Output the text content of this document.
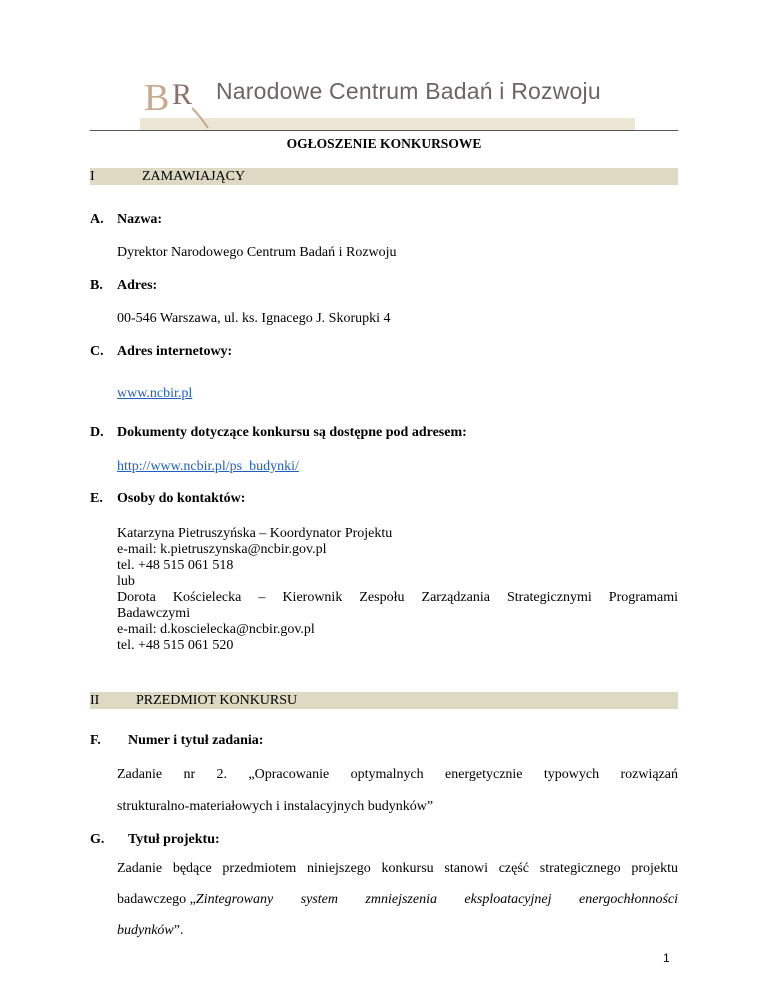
B R Narodowe Centrum Badań i Rozwoju
OGŁOSZENIE KONKURSOWE
I	ZAMAWIAJĄCY
A. Nazwa:
Dyrektor Narodowego Centrum Badań i Rozwoju
B. Adres:
00-546 Warszawa, ul. ks. Ignacego J. Skorupki 4
C. Adres internetowy:
www.ncbir.pl
D. Dokumenty dotyczące konkursu są dostępne pod adresem:
http://www.ncbir.pl/ps_budynki/
E. Osoby do kontaktów:
Katarzyna Pietruszyńska – Koordynator Projektu
e-mail: k.pietruszynska@ncbir.gov.pl
tel. +48 515 061 518
lub
Dorota Kościelecka – Kierownik Zespołu Zarządzania Strategicznymi Programami
Badawczymi
e-mail: d.koscielecka@ncbir.gov.pl
tel. +48 515 061 520
II	PRZEDMIOT KONKURSU
F. Numer i tytuł zadania:
Zadanie nr 2. „Opracowanie optymalnych energetycznie typowych rozwiązań
strukturalno-materiałowych i instalacyjnych budynków”
G. Tytuł projektu:
Zadanie będące przedmiotem niniejszego konkursu stanowi część strategicznego projektu
badawczego „ Zintegrowany system zmniejszenia eksploatacyjnej energochłonności
budynków”.
1
